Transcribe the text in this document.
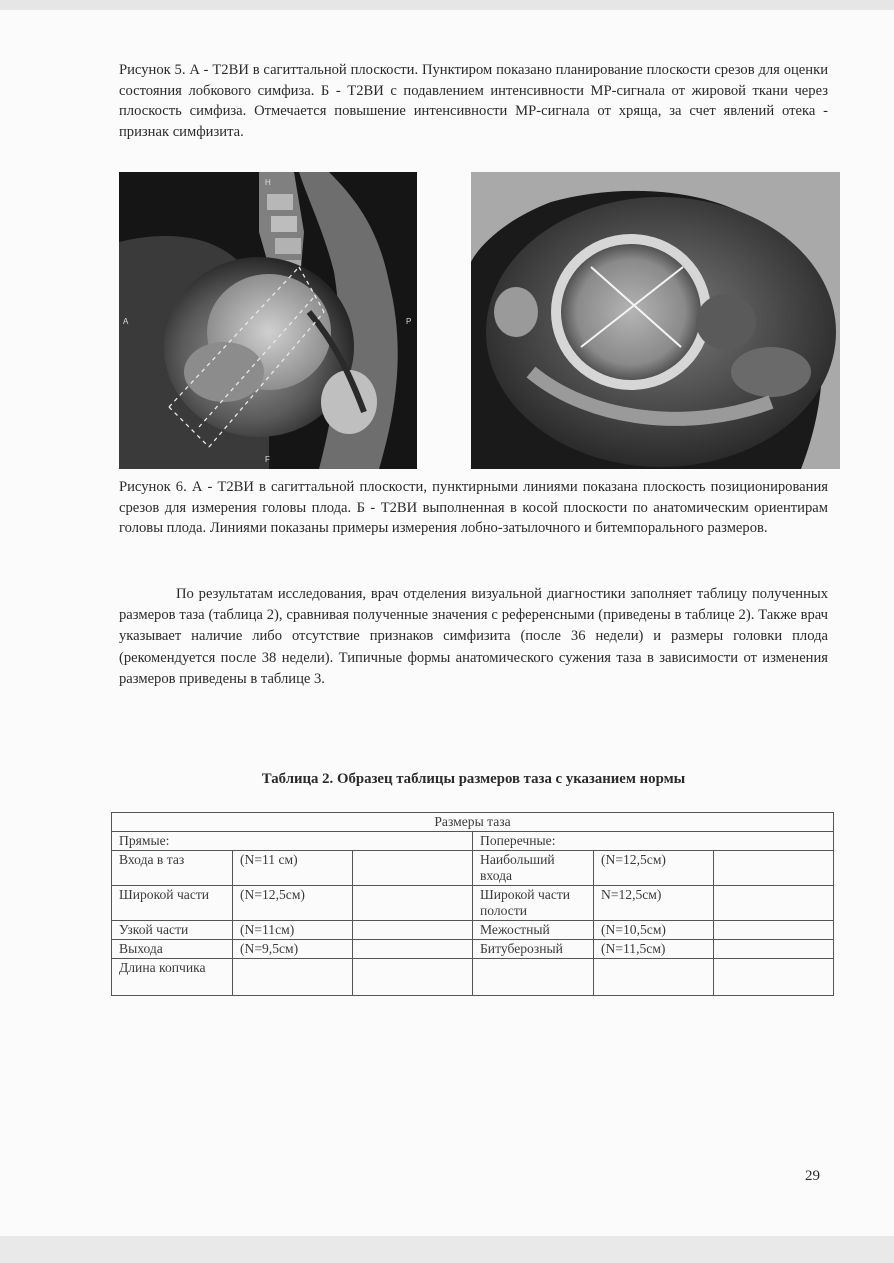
Рисунок 5. А - Т2ВИ в сагиттальной плоскости. Пунктиром показано планирование плоскости срезов для оценки состояния лобкового симфиза. Б - Т2ВИ с подавлением интенсивности МР-сигнала от жировой ткани через плоскость симфиза. Отмечается повышение интенсивности МР-сигнала от хряща, за счет явлений отека - признак симфизита.

H
A	P
F

Рисунок 6. А - Т2ВИ в сагиттальной плоскости, пунктирными линиями показана плоскость позиционирования срезов для измерения головы плода. Б - Т2ВИ выполненная в косой плоскости по анатомическим ориентирам головы плода. Линиями показаны примеры измерения лобно-затылочного и битемпорального размеров.

По результатам исследования, врач отделения визуальной диагностики заполняет таблицу полученных размеров таза (таблица 2), сравнивая полученные значения с референсными (приведены в таблице 2). Также врач указывает наличие либо отсутствие признаков симфизита (после 36 недели) и размеры головки плода (рекомендуется после 38 недели). Типичные формы анатомического сужения таза в зависимости от изменения размеров приведены в таблице 3.

Таблица 2. Образец таблицы размеров таза с указанием нормы
Размеры таза					
Прямые:			Поперечные:		
Входа в таз	(N=11 см)		Наибольший входа	(N=12,5см)	
Широкой части	(N=12,5см)		Широкой части полости	N=12,5см)	
Узкой части	(N=11см)		Межостный	(N=10,5см)	
Выхода	(N=9,5см)		Битуберозный	(N=11,5см)	
Длина копчика					
29
